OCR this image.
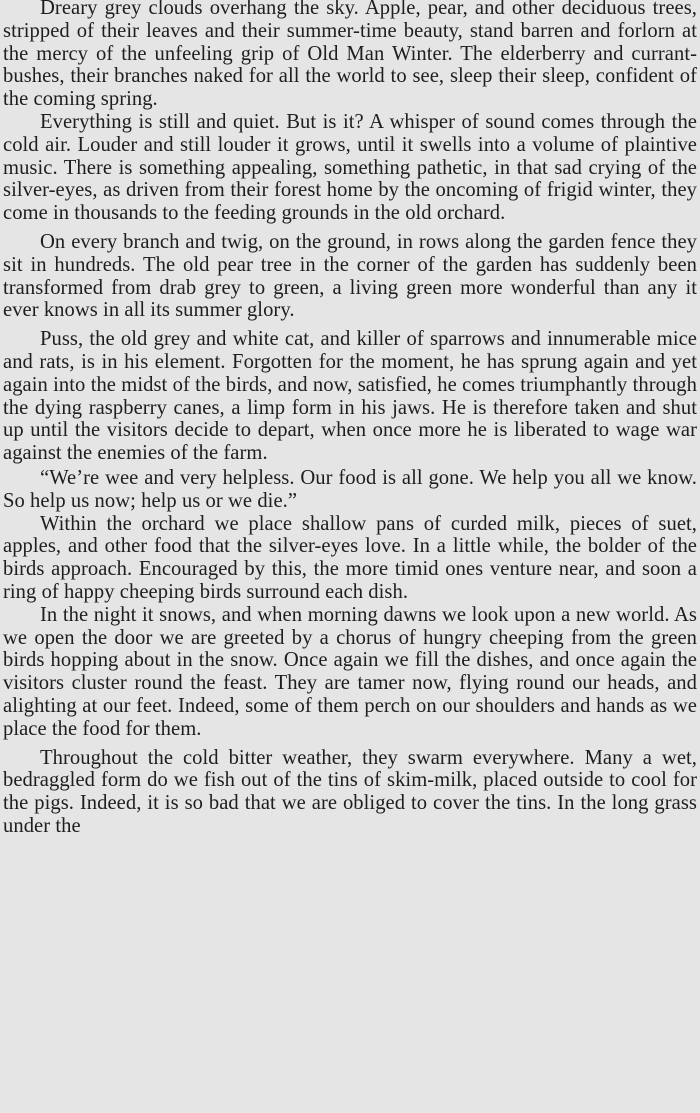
Dreary grey clouds overhang the sky. Apple, pear, and other deciduous trees, stripped of their leaves and their summer-time beauty, stand barren and forlorn at the mercy of the unfeeling grip of Old Man Winter. The elderberry and currant-bushes, their branches naked for all the world to see, sleep their sleep, confident of the coming spring.

Everything is still and quiet. But is it? A whisper of sound comes through the cold air. Louder and still louder it grows, until it swells into a volume of plaintive music. There is something appealing, something pathetic, in that sad crying of the silver-eyes, as driven from their forest home by the oncoming of frigid winter, they come in thousands to the feeding grounds in the old orchard.

On every branch and twig, on the ground, in rows along the garden fence they sit in hundreds. The old pear tree in the corner of the garden has suddenly been transformed from drab grey to green, a living green more wonderful than any it ever knows in all its summer glory.

Puss, the old grey and white cat, and killer of sparrows and innumerable mice and rats, is in his element. Forgotten for the moment, he has sprung again and yet again into the midst of the birds, and now, satisfied, he comes triumphantly through the dying raspberry canes, a limp form in his jaws. He is therefore taken and shut up until the visitors decide to depart, when once more he is liberated to wage war against the enemies of the farm.

“We’re wee and very helpless. Our food is all gone. We help you all we know. So help us now; help us or we die.”

Within the orchard we place shallow pans of curded milk, pieces of suet, apples, and other food that the silver-eyes love. In a little while, the bolder of the birds approach. Encouraged by this, the more timid ones venture near, and soon a ring of happy cheeping birds surround each dish.

In the night it snows, and when morning dawns we look upon a new world. As we open the door we are greeted by a chorus of hungry cheeping from the green birds hopping about in the snow. Once again we fill the dishes, and once again the visitors cluster round the feast. They are tamer now, flying round our heads, and alighting at our feet. Indeed, some of them perch on our shoulders and hands as we place the food for them.

Throughout the cold bitter weather, they swarm everywhere. Many a wet, bedraggled form do we fish out of the tins of skim-milk, placed outside to cool for the pigs. Indeed, it is so bad that we are obliged to cover the tins. In the long grass under the
